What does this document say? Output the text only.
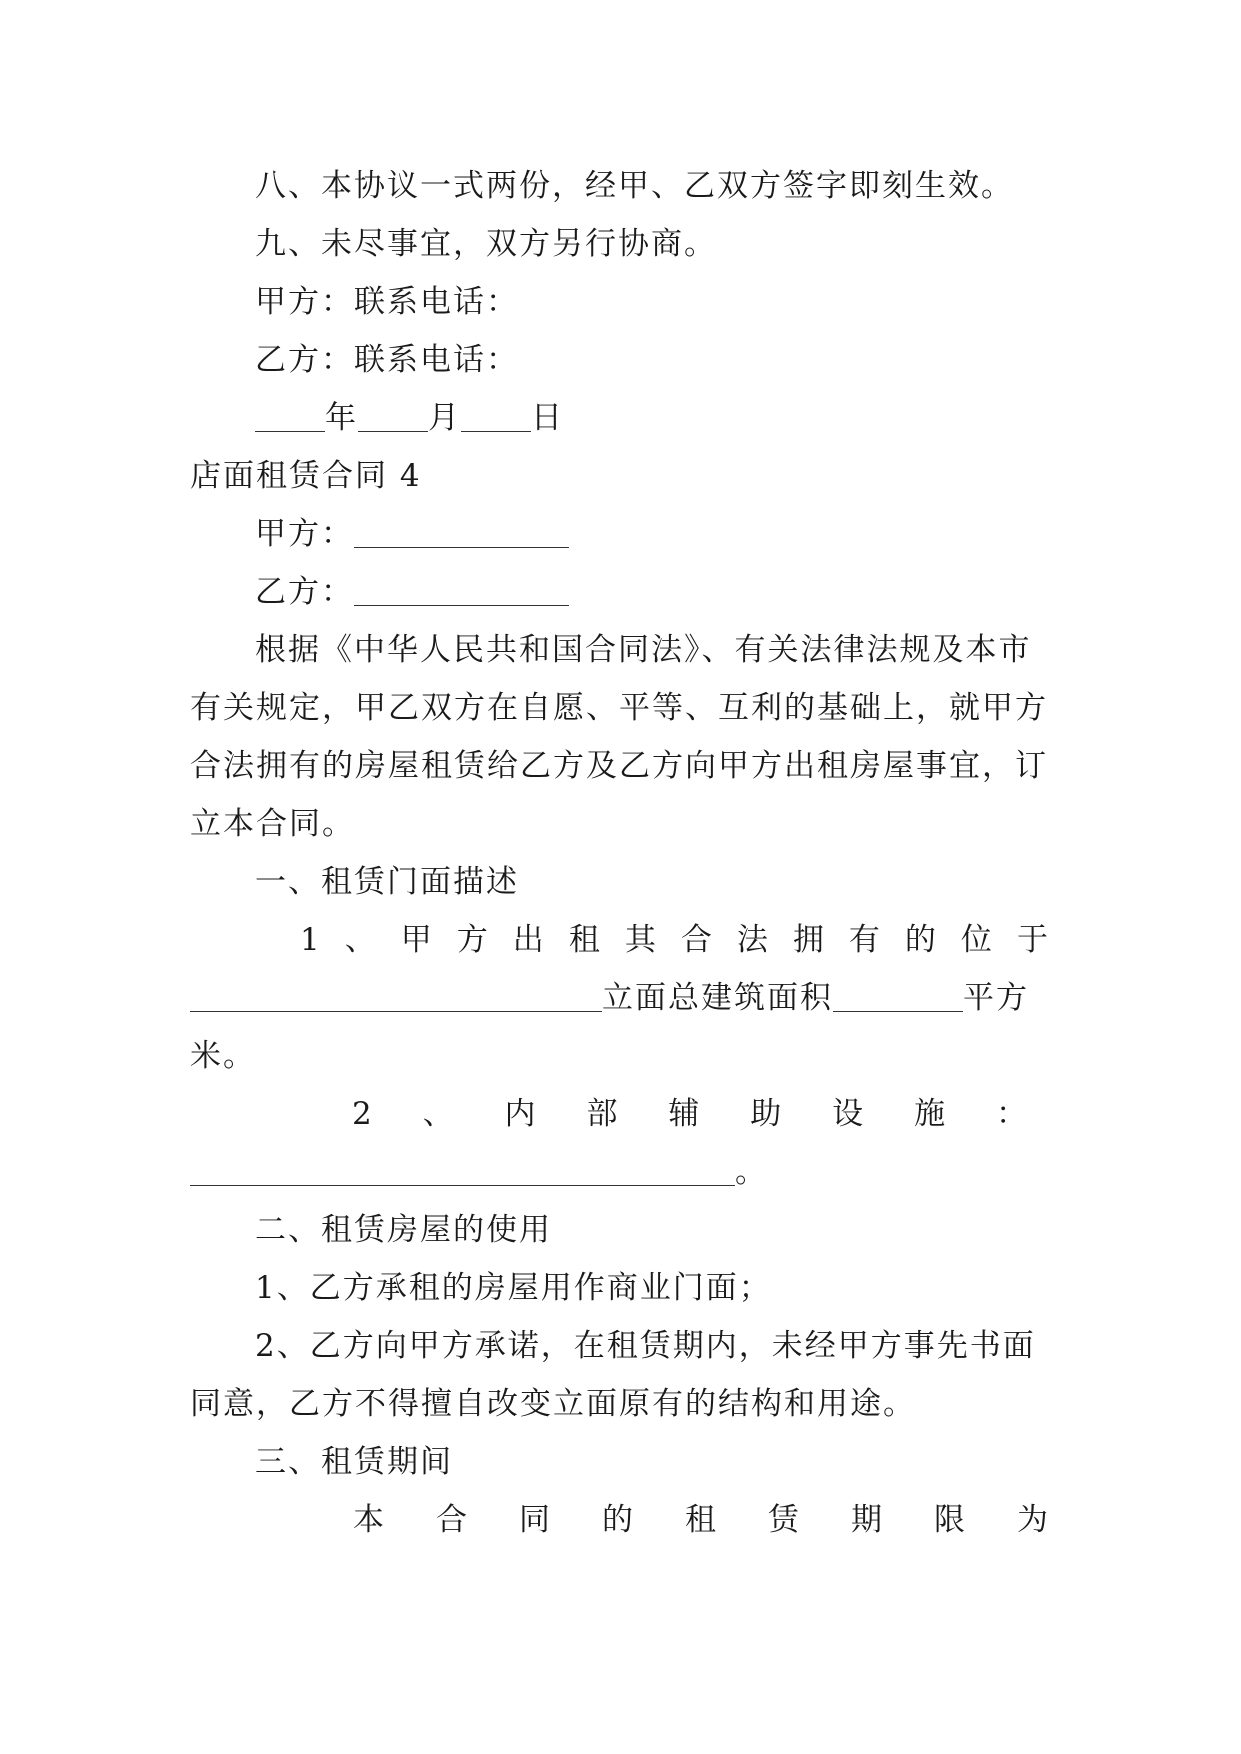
八、本协议一式两份，经甲、乙双方签字即刻生效。
九、未尽事宜，双方另行协商。
甲方：联系电话：
乙方：联系电话：
年 月 日
店面租赁合同 4
甲方：
乙方：
根据《中华人民共和国合同法》、有关法律法规及本市
有关规定，甲乙双方在自愿、平等、互利的基础上，就甲方
合法拥有的房屋租赁给乙方及乙方向甲方出租房屋事宜，订
立本合同。
一、租赁门面描述
1 、 甲 方 出 租 其 合 法 拥 有 的 位 于
立面总建筑面积	平方
米。
2 、 内 部 辅 助 设 施 ：
。
二、租赁房屋的使用
1、乙方承租的房屋用作商业门面；
2、乙方向甲方承诺，在租赁期内，未经甲方事先书面
同意，乙方不得擅自改变立面原有的结构和用途。
三、租赁期间
本 合 同 的 租 赁 期 限 为
